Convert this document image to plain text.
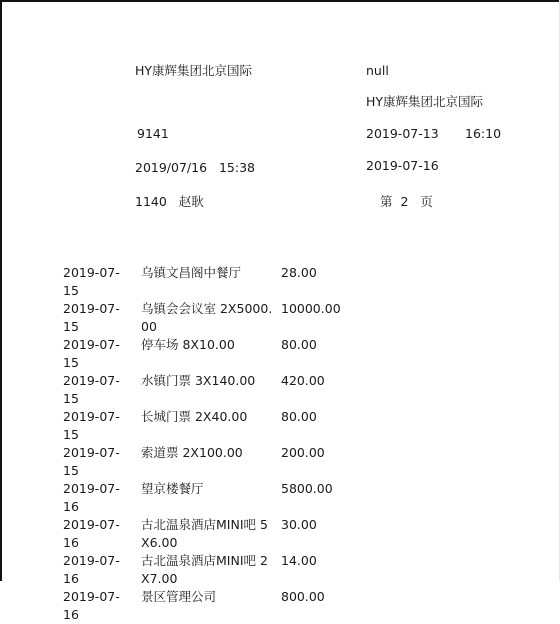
HY康辉集团北京国际	null
HY康辉集团北京国际
9141	2019-07-13 16:10
2019/07/16   15:38	2019-07-16
1140   赵耿	第  2   页
2019-07-15	乌镇文昌阁中餐厅	28.00
2019-07-15	乌镇会会议室 2X5000.00	10000.00
2019-07-15	停车场 8X10.00	80.00
2019-07-15	水镇门票 3X140.00	420.00
2019-07-15	长城门票 2X40.00	80.00
2019-07-15	索道票 2X100.00	200.00
2019-07-16	望京楼餐厅	5800.00
2019-07-16	古北温泉酒店MINI吧 5X6.00	30.00
2019-07-16	古北温泉酒店MINI吧 2X7.00	14.00
2019-07-16	景区管理公司	800.00
